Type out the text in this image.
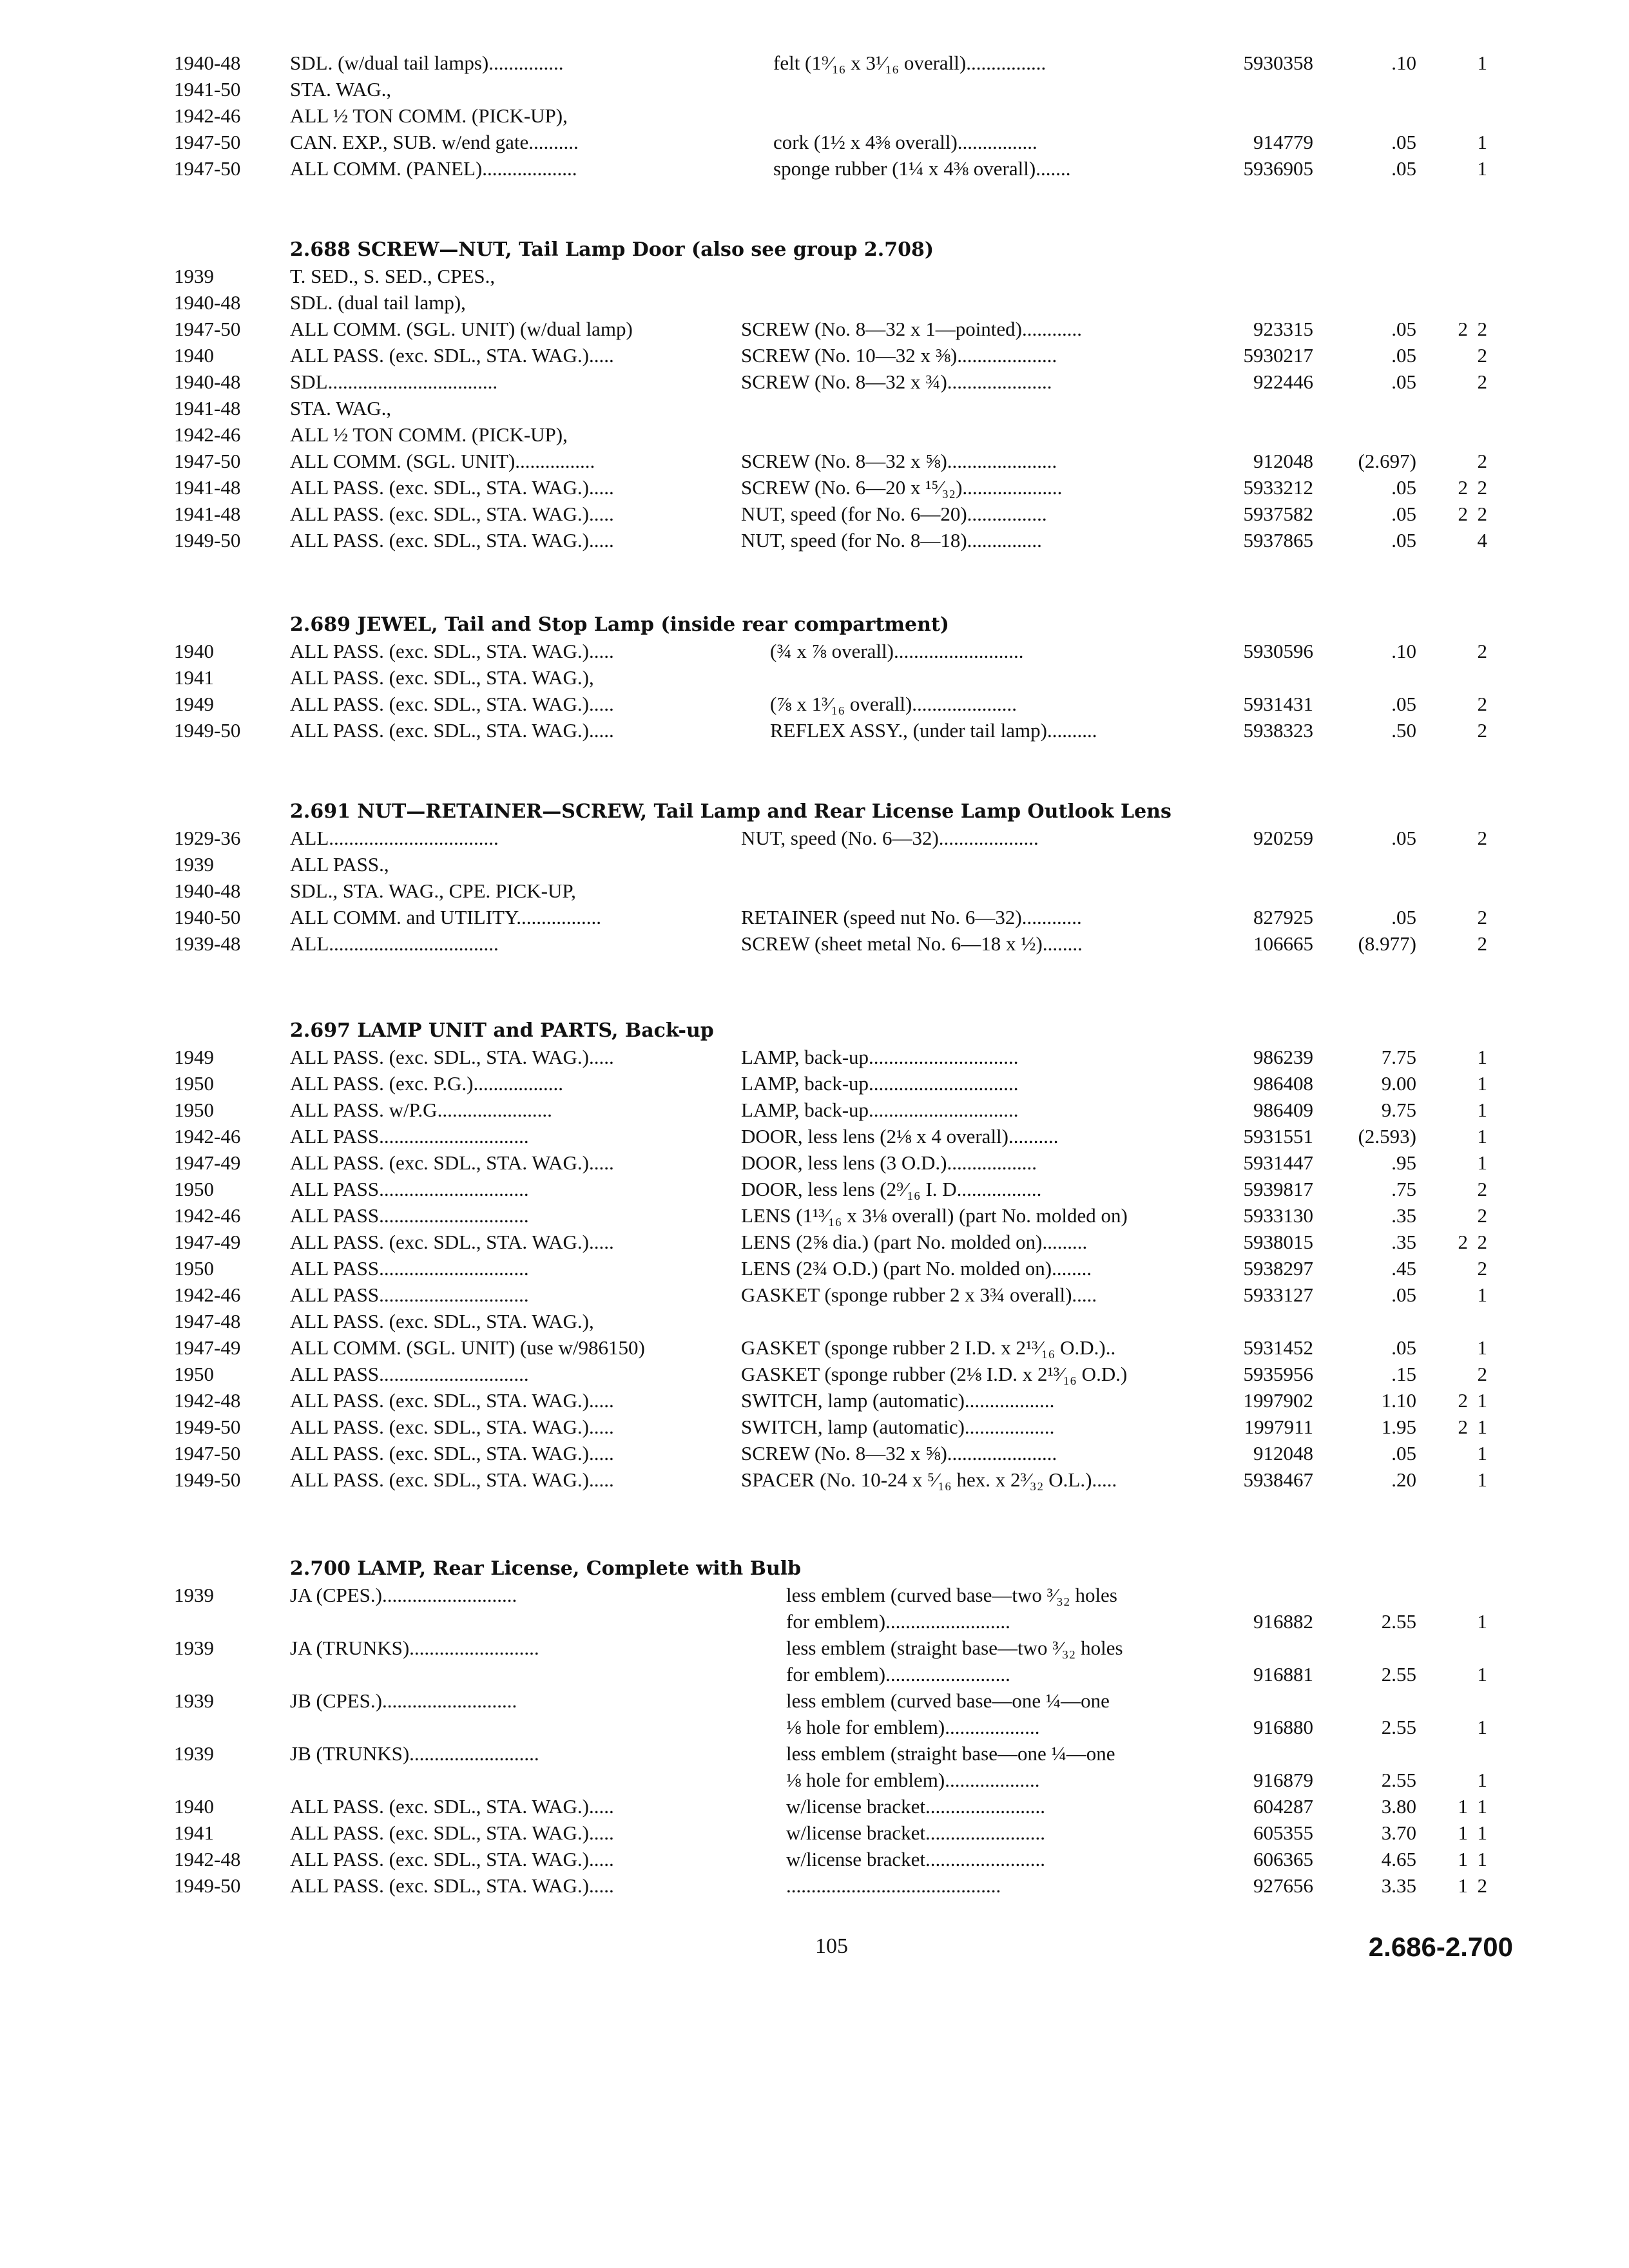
1940-48 SDL. (w/dual tail lamps)...............	felt (1⁹⁄₁₆ x 3¹⁄₁₆ overall)................	5930358	.10	1
1941-50 STA. WAG.,
1942-46 ALL ½ TON COMM. (PICK-UP),
1947-50 CAN. EXP., SUB. w/end gate..........	cork (1½ x 4⅜ overall)................	914779	.05	1
1947-50 ALL COMM. (PANEL)...................	sponge rubber (1¼ x 4⅜ overall).......	5936905	.05	1
2.688 SCREW—NUT, Tail Lamp Door (also see group 2.708)
1939	T. SED., S. SED., CPES.,
1940-48 SDL. (dual tail lamp),
1947-50 ALL COMM. (SGL. UNIT) (w/dual lamp)	SCREW (No. 8—32 x 1—pointed)............	923315	.05 2 2
1940	ALL PASS. (exc. SDL., STA. WAG.).....	SCREW (No. 10—32 x ⅜)....................	5930217	.05	2
1940-48 SDL..................................	SCREW (No. 8—32 x ¾).....................	922446	.05	2
1941-48 STA. WAG.,
1942-46 ALL ½ TON COMM. (PICK-UP),
1947-50 ALL COMM. (SGL. UNIT)................	SCREW (No. 8—32 x ⅝)......................	912048 (2.697)	2
1941-48 ALL PASS. (exc. SDL., STA. WAG.).....	SCREW (No. 6—20 x ¹⁵⁄₃₂)....................	5933212	.05 2 2
1941-48 ALL PASS. (exc. SDL., STA. WAG.).....	NUT, speed (for No. 6—20)................	5937582	.05 2 2
1949-50 ALL PASS. (exc. SDL., STA. WAG.).....	NUT, speed (for No. 8—18)...............	5937865	.05	4
2.689 JEWEL, Tail and Stop Lamp (inside rear compartment)
1940	ALL PASS. (exc. SDL., STA. WAG.).....	(¾ x ⅞ overall)..........................	5930596	.10	2
1941	ALL PASS. (exc. SDL., STA. WAG.),
1949	ALL PASS. (exc. SDL., STA. WAG.).....	(⅞ x 1³⁄₁₆ overall).....................	5931431	.05	2
1949-50 ALL PASS. (exc. SDL., STA. WAG.).....	REFLEX ASSY., (under tail lamp)..........	5938323	.50	2
2.691 NUT—RETAINER—SCREW, Tail Lamp and Rear License Lamp Outlook Lens
1929-36 ALL..................................	NUT, speed (No. 6—32)....................	920259	.05	2
1939	ALL PASS.,
1940-48 SDL., STA. WAG., CPE. PICK-UP,
1940-50 ALL COMM. and UTILITY.................	RETAINER (speed nut No. 6—32)............	827925	.05	2
1939-48 ALL..................................	SCREW (sheet metal No. 6—18 x ½)........	106665 (8.977)	2
2.697 LAMP UNIT and PARTS, Back-up
1949	ALL PASS. (exc. SDL., STA. WAG.).....	LAMP, back-up..............................	986239	7.75	1
1950	ALL PASS. (exc. P.G.)..................	LAMP, back-up..............................	986408	9.00	1
1950	ALL PASS. w/P.G.......................	LAMP, back-up..............................	986409	9.75	1
1942-46 ALL PASS..............................	DOOR, less lens (2⅛ x 4 overall)..........	5931551 (2.593)	1
1947-49 ALL PASS. (exc. SDL., STA. WAG.).....	DOOR, less lens (3 O.D.)..................	5931447	.95	1
1950	ALL PASS..............................	DOOR, less lens (2⁹⁄₁₆ I. D.................	5939817	.75	2
1942-46 ALL PASS..............................	LENS (1¹³⁄₁₆ x 3⅛ overall) (part No. molded on)	5933130	.35	2
1947-49 ALL PASS. (exc. SDL., STA. WAG.).....	LENS (2⅝ dia.) (part No. molded on).........	5938015	.35 2 2
1950	ALL PASS..............................	LENS (2¾ O.D.) (part No. molded on)........	5938297	.45	2
1942-46 ALL PASS..............................	GASKET (sponge rubber 2 x 3¾ overall).....	5933127	.05	1
1947-48 ALL PASS. (exc. SDL., STA. WAG.),
1947-49 ALL COMM. (SGL. UNIT) (use w/986150)	GASKET (sponge rubber 2 I.D. x 2¹³⁄₁₆ O.D.)..	5931452	.05	1
1950	ALL PASS..............................	GASKET (sponge rubber (2⅛ I.D. x 2¹³⁄₁₆ O.D.)	5935956	.15	2
1942-48 ALL PASS. (exc. SDL., STA. WAG.).....	SWITCH, lamp (automatic)..................	1997902	1.10 2 1
1949-50 ALL PASS. (exc. SDL., STA. WAG.).....	SWITCH, lamp (automatic)..................	1997911	1.95 2 1
1947-50 ALL PASS. (exc. SDL., STA. WAG.).....	SCREW (No. 8—32 x ⅝)......................	912048	.05	1
1949-50 ALL PASS. (exc. SDL., STA. WAG.).....	SPACER (No. 10-24 x ⁵⁄₁₆ hex. x 2³⁄₃₂ O.L.).....	5938467	.20	1
2.700 LAMP, Rear License, Complete with Bulb
1939	JA (CPES.)...........................	less emblem (curved base—two ³⁄₃₂ holes
for emblem).........................	916882	2.55	1
1939	JA (TRUNKS)..........................	less emblem (straight base—two ³⁄₃₂ holes
for emblem).........................	916881	2.55	1
1939	JB (CPES.)...........................	less emblem (curved base—one ¼—one
⅛ hole for emblem)...................	916880	2.55	1
1939	JB (TRUNKS)..........................	less emblem (straight base—one ¼—one
⅛ hole for emblem)...................	916879	2.55	1
1940	ALL PASS. (exc. SDL., STA. WAG.).....	w/license bracket........................	604287	3.80 1 1
1941	ALL PASS. (exc. SDL., STA. WAG.).....	w/license bracket........................	605355	3.70 1 1
1942-48 ALL PASS. (exc. SDL., STA. WAG.).....	w/license bracket........................	606365	4.65 1 1
1949-50 ALL PASS. (exc. SDL., STA. WAG.).....	...........................................	927656	3.35 1 2
105	2.686-2.700
